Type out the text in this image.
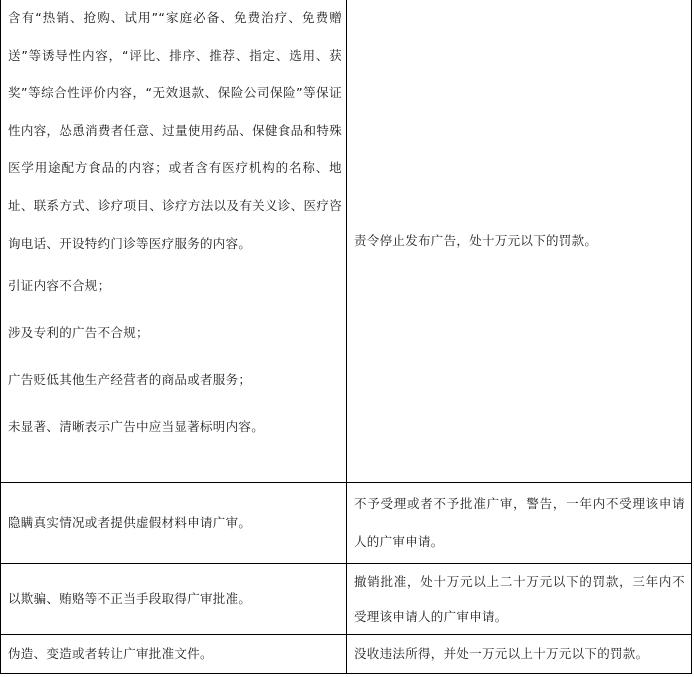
含有“热销、抢购、试用”“家庭必备、免费治疗、免费赠送”等诱导性内容，“评比、排序、推荐、指定、选用、获奖”等综合性评价内容，“无效退款、保险公司保险”等保证性内容，怂恿消费者任意、过量使用药品、保健食品和特殊医学用途配方食品的内容；或者含有医疗机构的名称、地址、联系方式、诊疗项目、诊疗方法以及有关义诊、医疗咨询电话、开设特约门诊等医疗服务的内容。

引证内容不合规；

涉及专利的广告不合规；

广告贬低其他生产经营者的商品或者服务；

未显著、清晰表示广告中应当显著标明内容。	责令停止发布广告，处十万元以下的罚款。
隐瞒真实情况或者提供虚假材料申请广审。	不予受理或者不予批准广审，警告，一年内不受理该申请人的广审申请。

以欺骗、贿赂等不正当手段取得广审批准。	撤销批准，处十万元以上二十万元以下的罚款，三年内不受理该申请人的广审申请。

伪造、变造或者转让广审批准文件。	没收违法所得，并处一万元以上十万元以下的罚款。
